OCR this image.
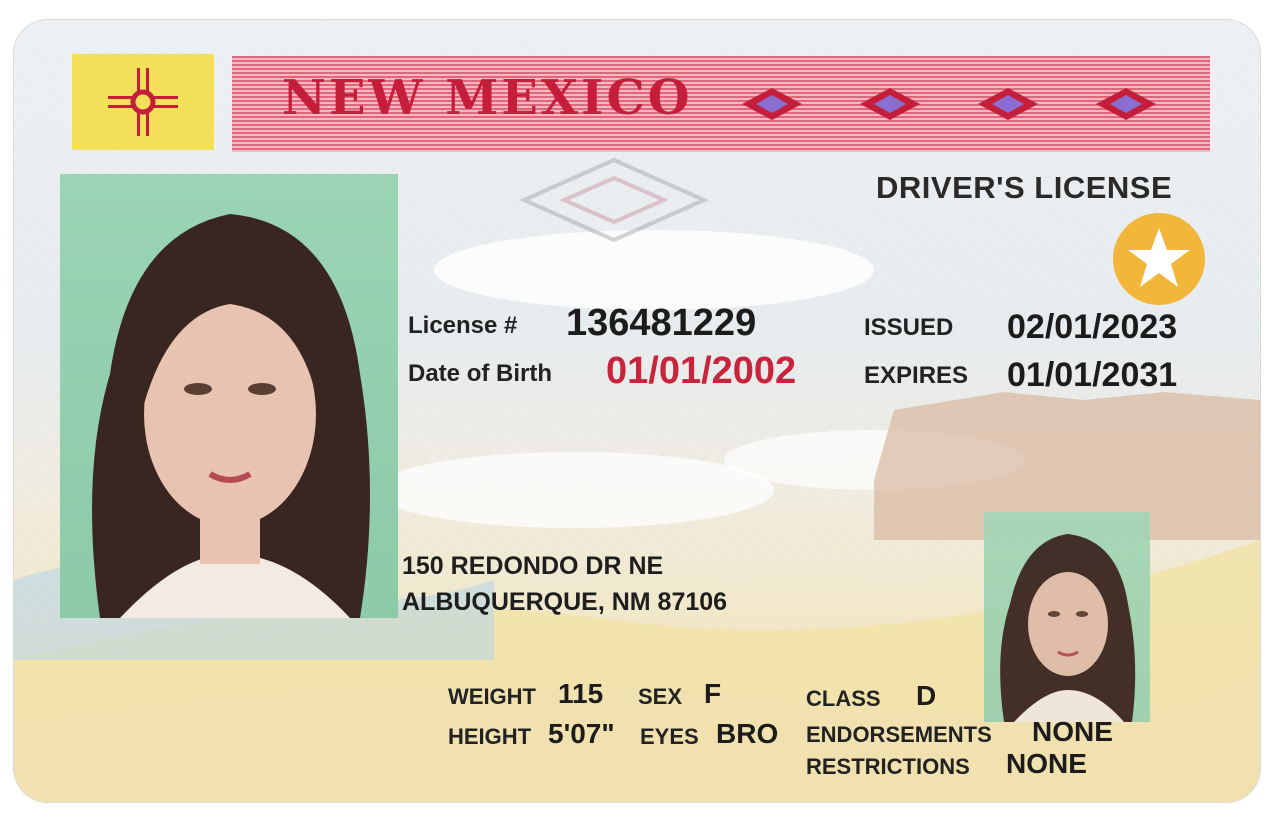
NEW MEXICO
DRIVER'S LICENSE
License # 136481229
Date of Birth 01/01/2002
ISSUED 02/01/2023
EXPIRES 01/01/2031
150 REDONDO DR NE
ALBUQUERQUE, NM 87106
WEIGHT 115 SEX F
HEIGHT 5'07" EYES BRO
CLASS D
ENDORSEMENTS NONE
RESTRICTIONS NONE
